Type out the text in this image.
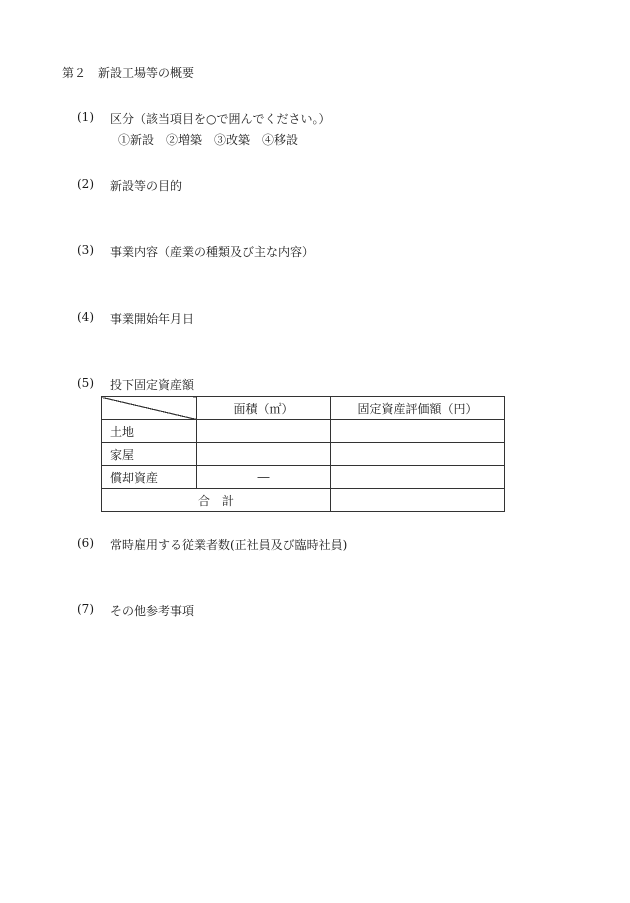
第２　新設工場等の概要
(1) 区分（該当項目を○で囲んでください。）
①新設　②増築　③改築　④移設
(2) 新設等の目的
(3) 事業内容（産業の種類及び主な内容）
(4) 事業開始年月日
(5) 投下固定資産額
	面積（㎡）	固定資産評価額（円）
土地		
家屋		
償却資産	―	
合　計		
(6) 常時雇用する従業者数(正社員及び臨時社員)
(7) その他参考事項
